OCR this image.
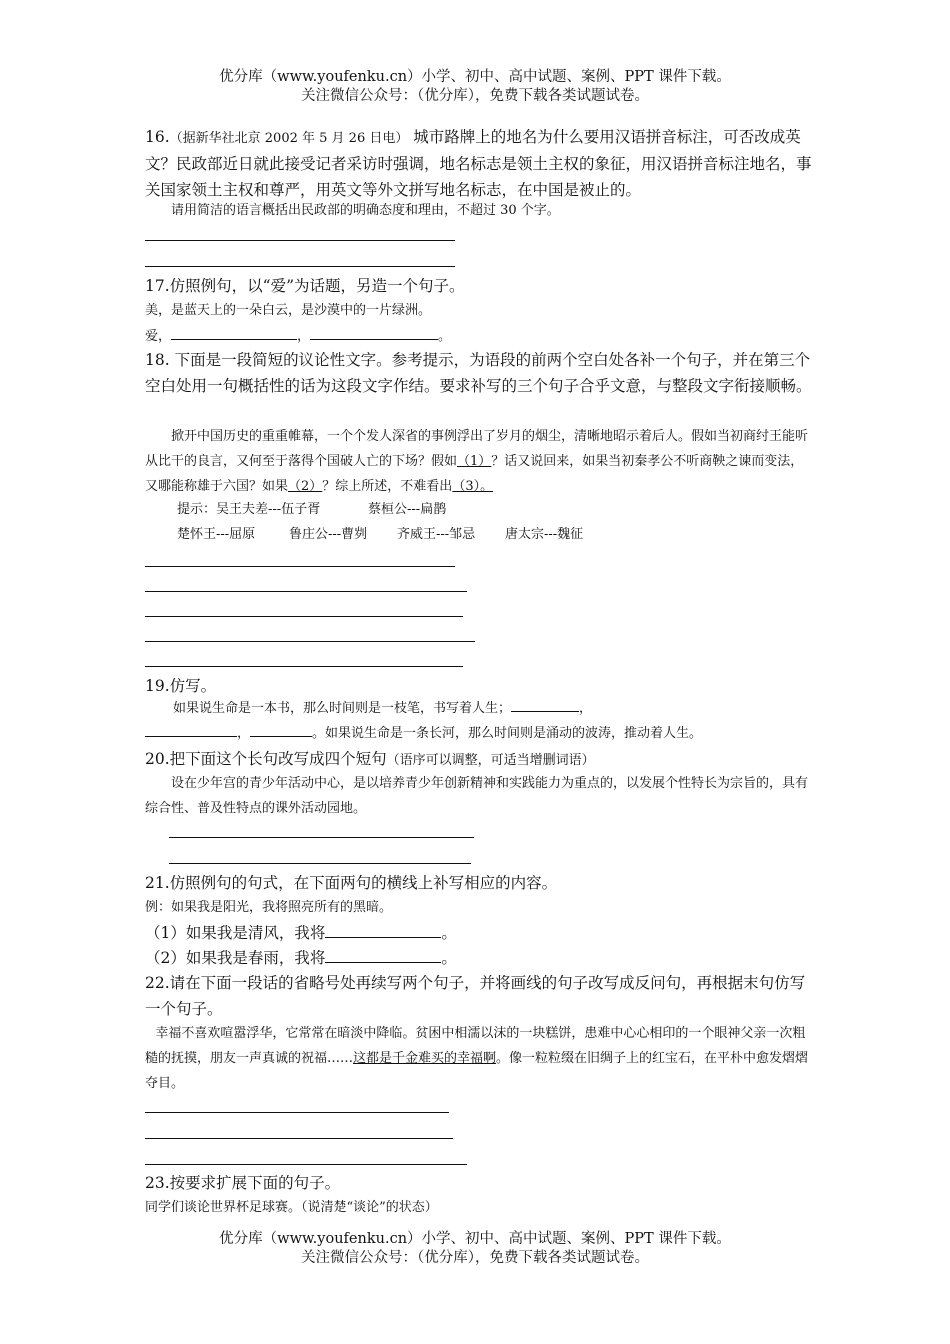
优分库（www.youfenku.cn）小学、初中、高中试题、案例、PPT 课件下载。
关注微信公众号：（优分库），免费下载各类试题试卷。
16.（据新华社北京 2002 年 5 月 26 日电） 城市路牌上的地名为什么要用汉语拼音标注，可否改成英文？民政部近日就此接受记者采访时强调，地名标志是领土主权的象征，用汉语拼音标注地名，事关国家领土主权和尊严，用英文等外文拼写地名标志，在中国是被止的。
请用简洁的语言概括出民政部的明确态度和理由，不超过 30 个字。
17.仿照例句，以“爱”为话题，另造一个句子。
美，是蓝天上的一朵白云，是沙漠中的一片绿洲。
爱，	，	。
18. 下面是一段简短的议论性文字。参考提示，为语段的前两个空白处各补一个句子，并在第三个空白处用一句概括性的话为这段文字作结。要求补写的三个句子合乎文意，与整段文字衔接顺畅。
掀开中国历史的重重帷幕，一个个发人深省的事例浮出了岁月的烟尘，清晰地昭示着后人。假如当初商纣王能听从比干的良言，又何至于落得个国破人亡的下场？假如（1）？话又说回来，如果当初秦孝公不听商鞅之谏而变法，又哪能称雄于六国？如果（2）？综上所述，不难看出（3）。
提示：吴王夫差---伍子胥	蔡桓公---扁鹊
楚怀王---屈原	鲁庄公---曹刿 齐威王---邹忌 唐太宗---魏征
19.仿写。
如果说生命是一本书，那么时间则是一枝笔，书写着人生；	，
，	。如果说生命是一条长河，那么时间则是涌动的波涛，推动着人生。
20.把下面这个长句改写成四个短句（语序可以调整，可适当增删词语）
设在少年宫的青少年活动中心，是以培养青少年创新精神和实践能力为重点的，以发展个性特长为宗旨的，具有综合性、普及性特点的课外活动园地。
21.仿照例句的句式，在下面两句的横线上补写相应的内容。
例：如果我是阳光，我将照亮所有的黑暗。
（1）如果我是清风，我将	。
（2）如果我是春雨，我将	。
22.请在下面一段话的省略号处再续写两个句子，并将画线的句子改写成反问句，再根据末句仿写一个句子。
幸福不喜欢喧嚣浮华，它常常在暗淡中降临。贫困中相濡以沫的一块糕饼，患难中心心相印的一个眼神父亲一次粗糙的抚摸，朋友一声真诚的祝福……这都是千金难买的幸福啊。像一粒粒缀在旧绸子上的红宝石，在平朴中愈发熠熠夺目。
23.按要求扩展下面的句子。
同学们谈论世界杯足球赛。（说清楚“谈论”的状态）
优分库（www.youfenku.cn）小学、初中、高中试题、案例、PPT 课件下载。
关注微信公众号：（优分库），免费下载各类试题试卷。
